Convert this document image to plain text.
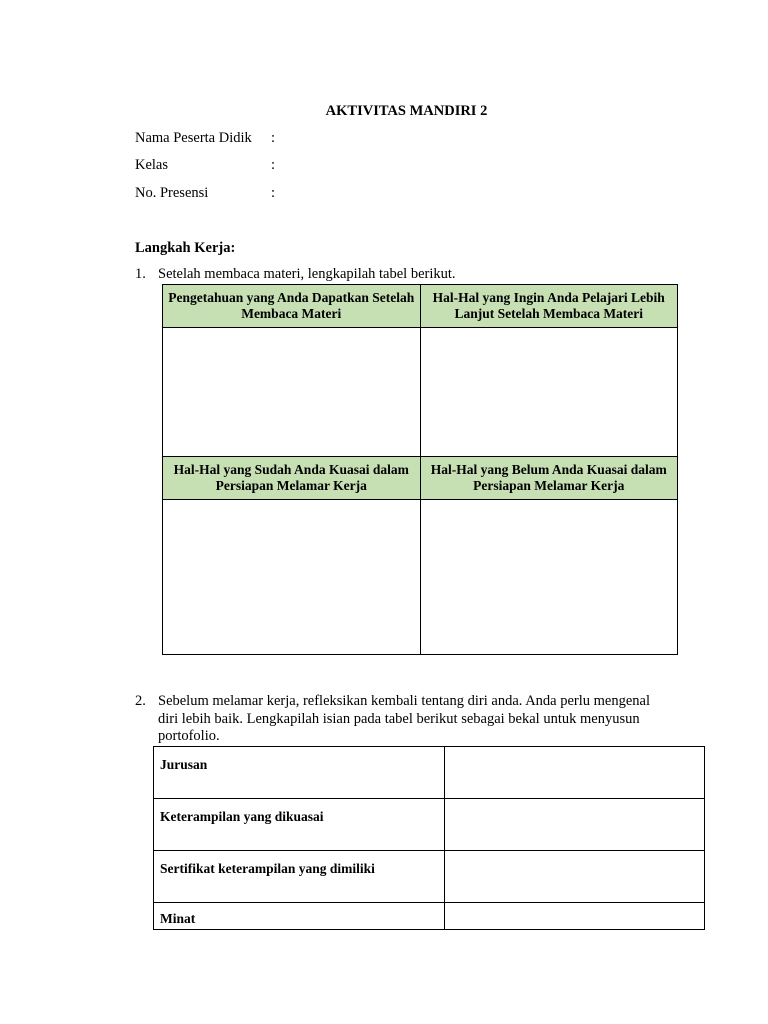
AKTIVITAS MANDIRI 2
Nama Peserta Didik :
Kelas	:
No. Presensi	:
Langkah Kerja:
1. Setelah membaca materi, lengkapilah tabel berikut.
Pengetahuan yang Anda Dapatkan Setelah Membaca Materi	Hal-Hal yang Ingin Anda Pelajari Lebih Lanjut Setelah Membaca Materi

Hal-Hal yang Sudah Anda Kuasai dalam Persiapan Melamar Kerja	Hal-Hal yang Belum Anda Kuasai dalam Persiapan Melamar Kerja

2. Sebelum melamar kerja, refleksikan kembali tentang diri anda. Anda perlu mengenal
diri lebih baik. Lengkapilah isian pada tabel berikut sebagai bekal untuk menyusun
portofolio.
Jurusan	
Keterampilan yang dikuasai	
Sertifikat keterampilan yang dimiliki	
Minat	
